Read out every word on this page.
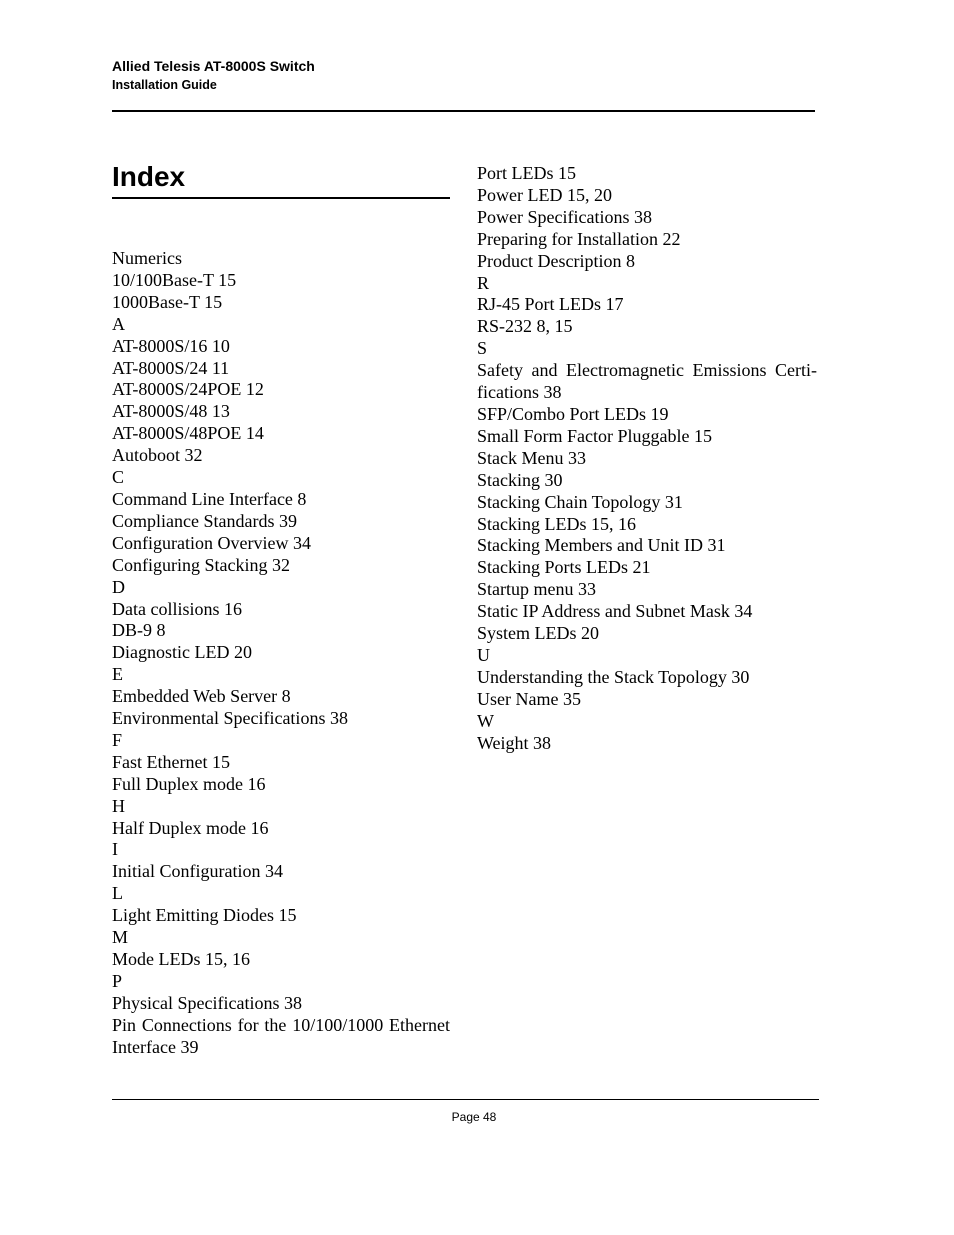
Allied Telesis AT-8000S Switch
Installation Guide
Index
Numerics
10/100Base-T 15
1000Base-T 15
A
AT-8000S/16 10
AT-8000S/24 11
AT-8000S/24POE 12
AT-8000S/48 13
AT-8000S/48POE 14
Autoboot 32
C
Command Line Interface 8
Compliance Standards 39
Configuration Overview 34
Configuring Stacking 32
D
Data collisions 16
DB-9 8
Diagnostic LED 20
E
Embedded Web Server 8
Environmental Specifications 38
F
Fast Ethernet 15
Full Duplex mode 16
H
Half Duplex mode 16
I
Initial Configuration 34
L
Light Emitting Diodes 15
M
Mode LEDs 15, 16
P
Physical Specifications 38
Pin Connections for the 10/100/1000 Ethernet Interface 39
Port LEDs 15
Power LED 15, 20
Power Specifications 38
Preparing for Installation 22
Product Description 8
R
RJ-45 Port LEDs 17
RS-232 8, 15
S
Safety and Electromagnetic Emissions Certifications 38
SFP/Combo Port LEDs 19
Small Form Factor Pluggable 15
Stack Menu 33
Stacking 30
Stacking Chain Topology 31
Stacking LEDs 15, 16
Stacking Members and Unit ID 31
Stacking Ports LEDs 21
Startup menu 33
Static IP Address and Subnet Mask 34
System LEDs 20
U
Understanding the Stack Topology 30
User Name 35
W
Weight 38
Page 48
